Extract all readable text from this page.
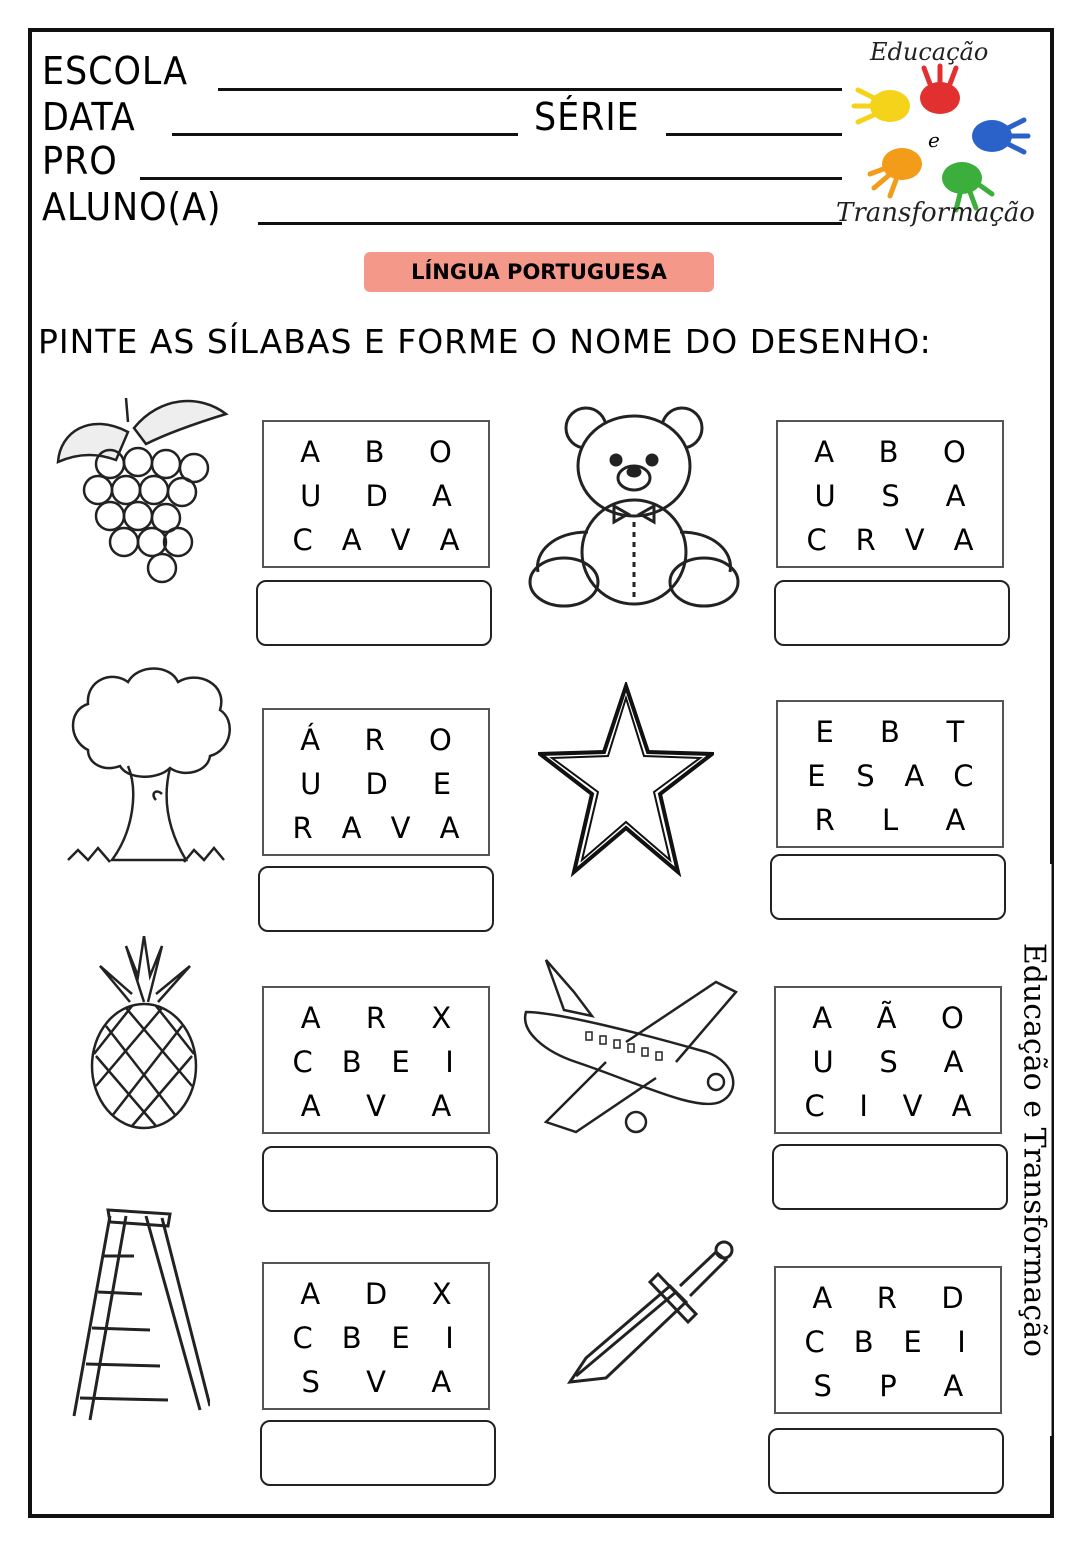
ESCOLA
DATA	SÉRIE
PRO
ALUNO(A)
Educação
e
Transformação
LÍNGUA PORTUGUESA
PINTE AS SÍLABAS E FORME O NOME DO DESENHO:
Educação e Transformação
A B O
U D A
C A V A
A B O
U S A
C R V A
Á R O
U D E
R A V A
E B T
E S A C
R L A
A R X
C B E I
A V A
A Ã O
U S A
C I V A
A D X
C B E I
S V A
A R D
C B E I
S P A
